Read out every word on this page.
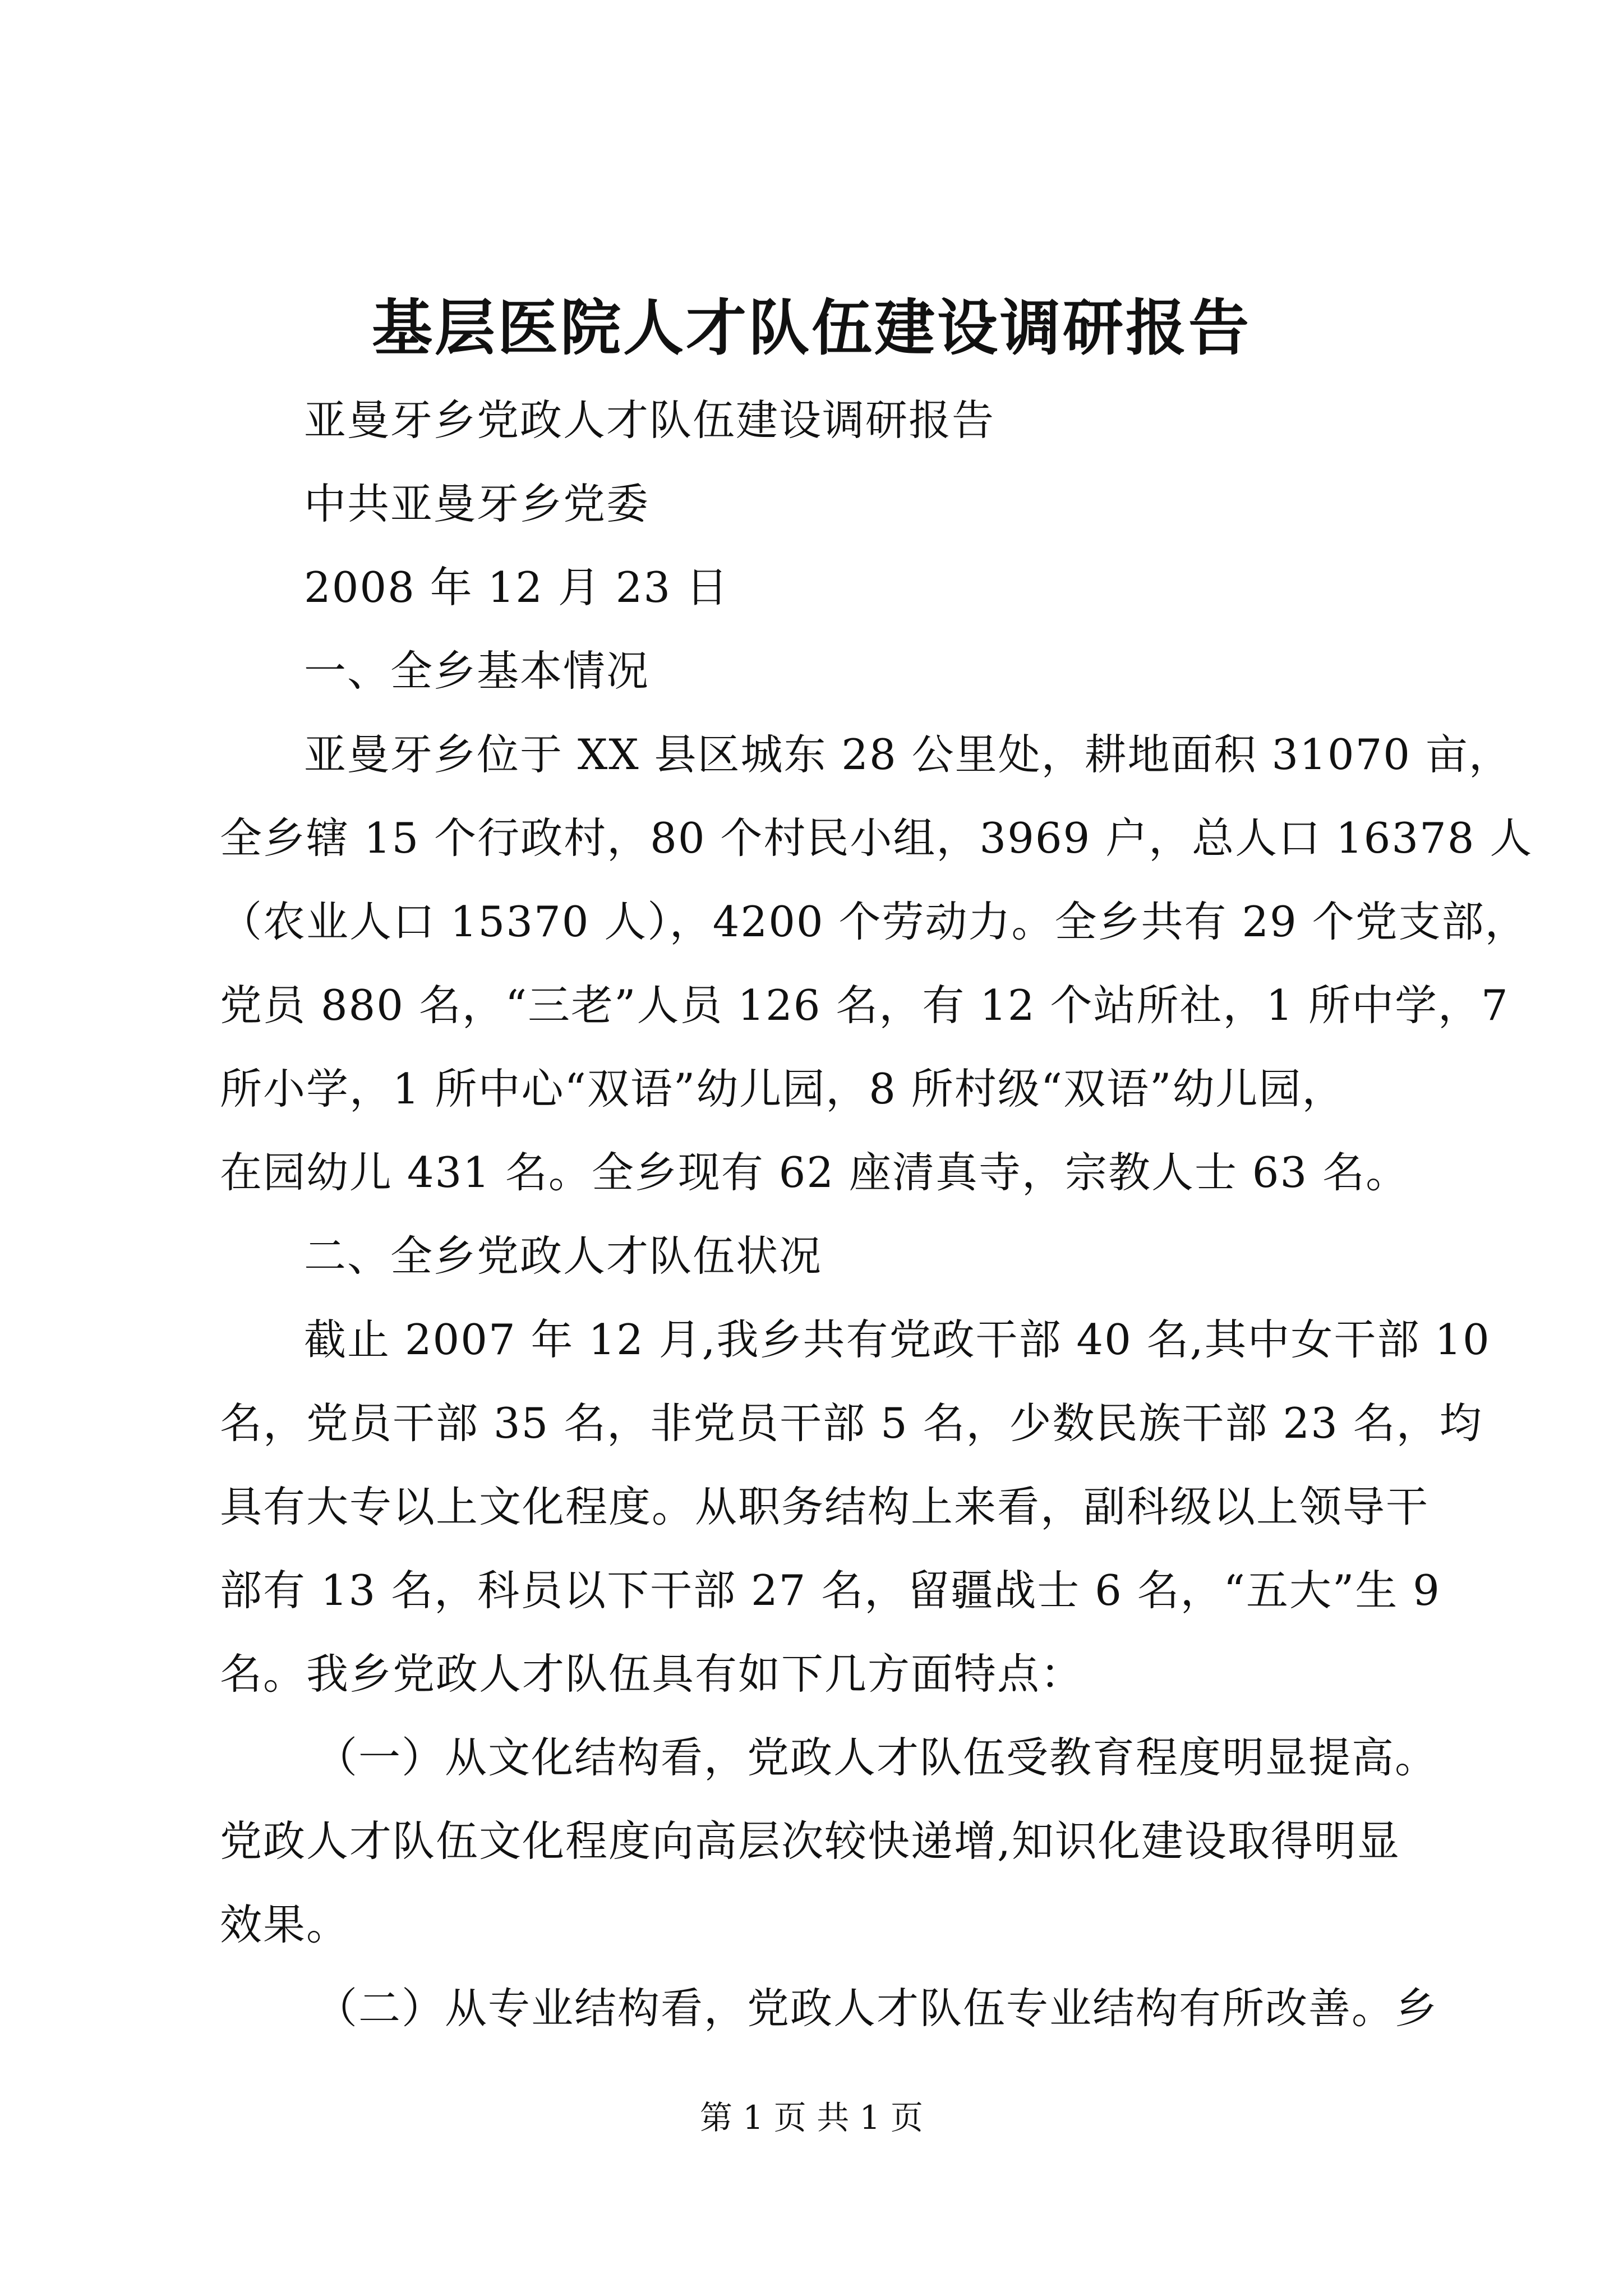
基层医院人才队伍建设调研报告
亚曼牙乡党政人才队伍建设调研报告
中共亚曼牙乡党委
2008 年 12 月 23 日
一、全乡基本情况
亚曼牙乡位于 XX 县区城东 28 公里处，耕地面积 31070 亩，
全乡辖 15 个行政村，80 个村民小组，3969 户，总人口 16378 人
（农业人口 15370 人），4200 个劳动力。全乡共有 29 个党支部，
党员 880 名，“三老”人员 126 名，有 12 个站所社，1 所中学，7
所小学，1 所中心“双语”幼儿园，8 所村级“双语”幼儿园，
在园幼儿 431 名。全乡现有 62 座清真寺，宗教人士 63 名。
二、全乡党政人才队伍状况
截止 2007 年 12 月,我乡共有党政干部 40 名,其中女干部 10
名，党员干部 35 名，非党员干部 5 名，少数民族干部 23 名，均
具有大专以上文化程度。从职务结构上来看，副科级以上领导干
部有 13 名，科员以下干部 27 名，留疆战士 6 名，“五大”生 9
名。我乡党政人才队伍具有如下几方面特点：
（一）从文化结构看，党政人才队伍受教育程度明显提高。
党政人才队伍文化程度向高层次较快递增,知识化建设取得明显
效果。
（二）从专业结构看，党政人才队伍专业结构有所改善。乡
第 1 页 共 1 页
